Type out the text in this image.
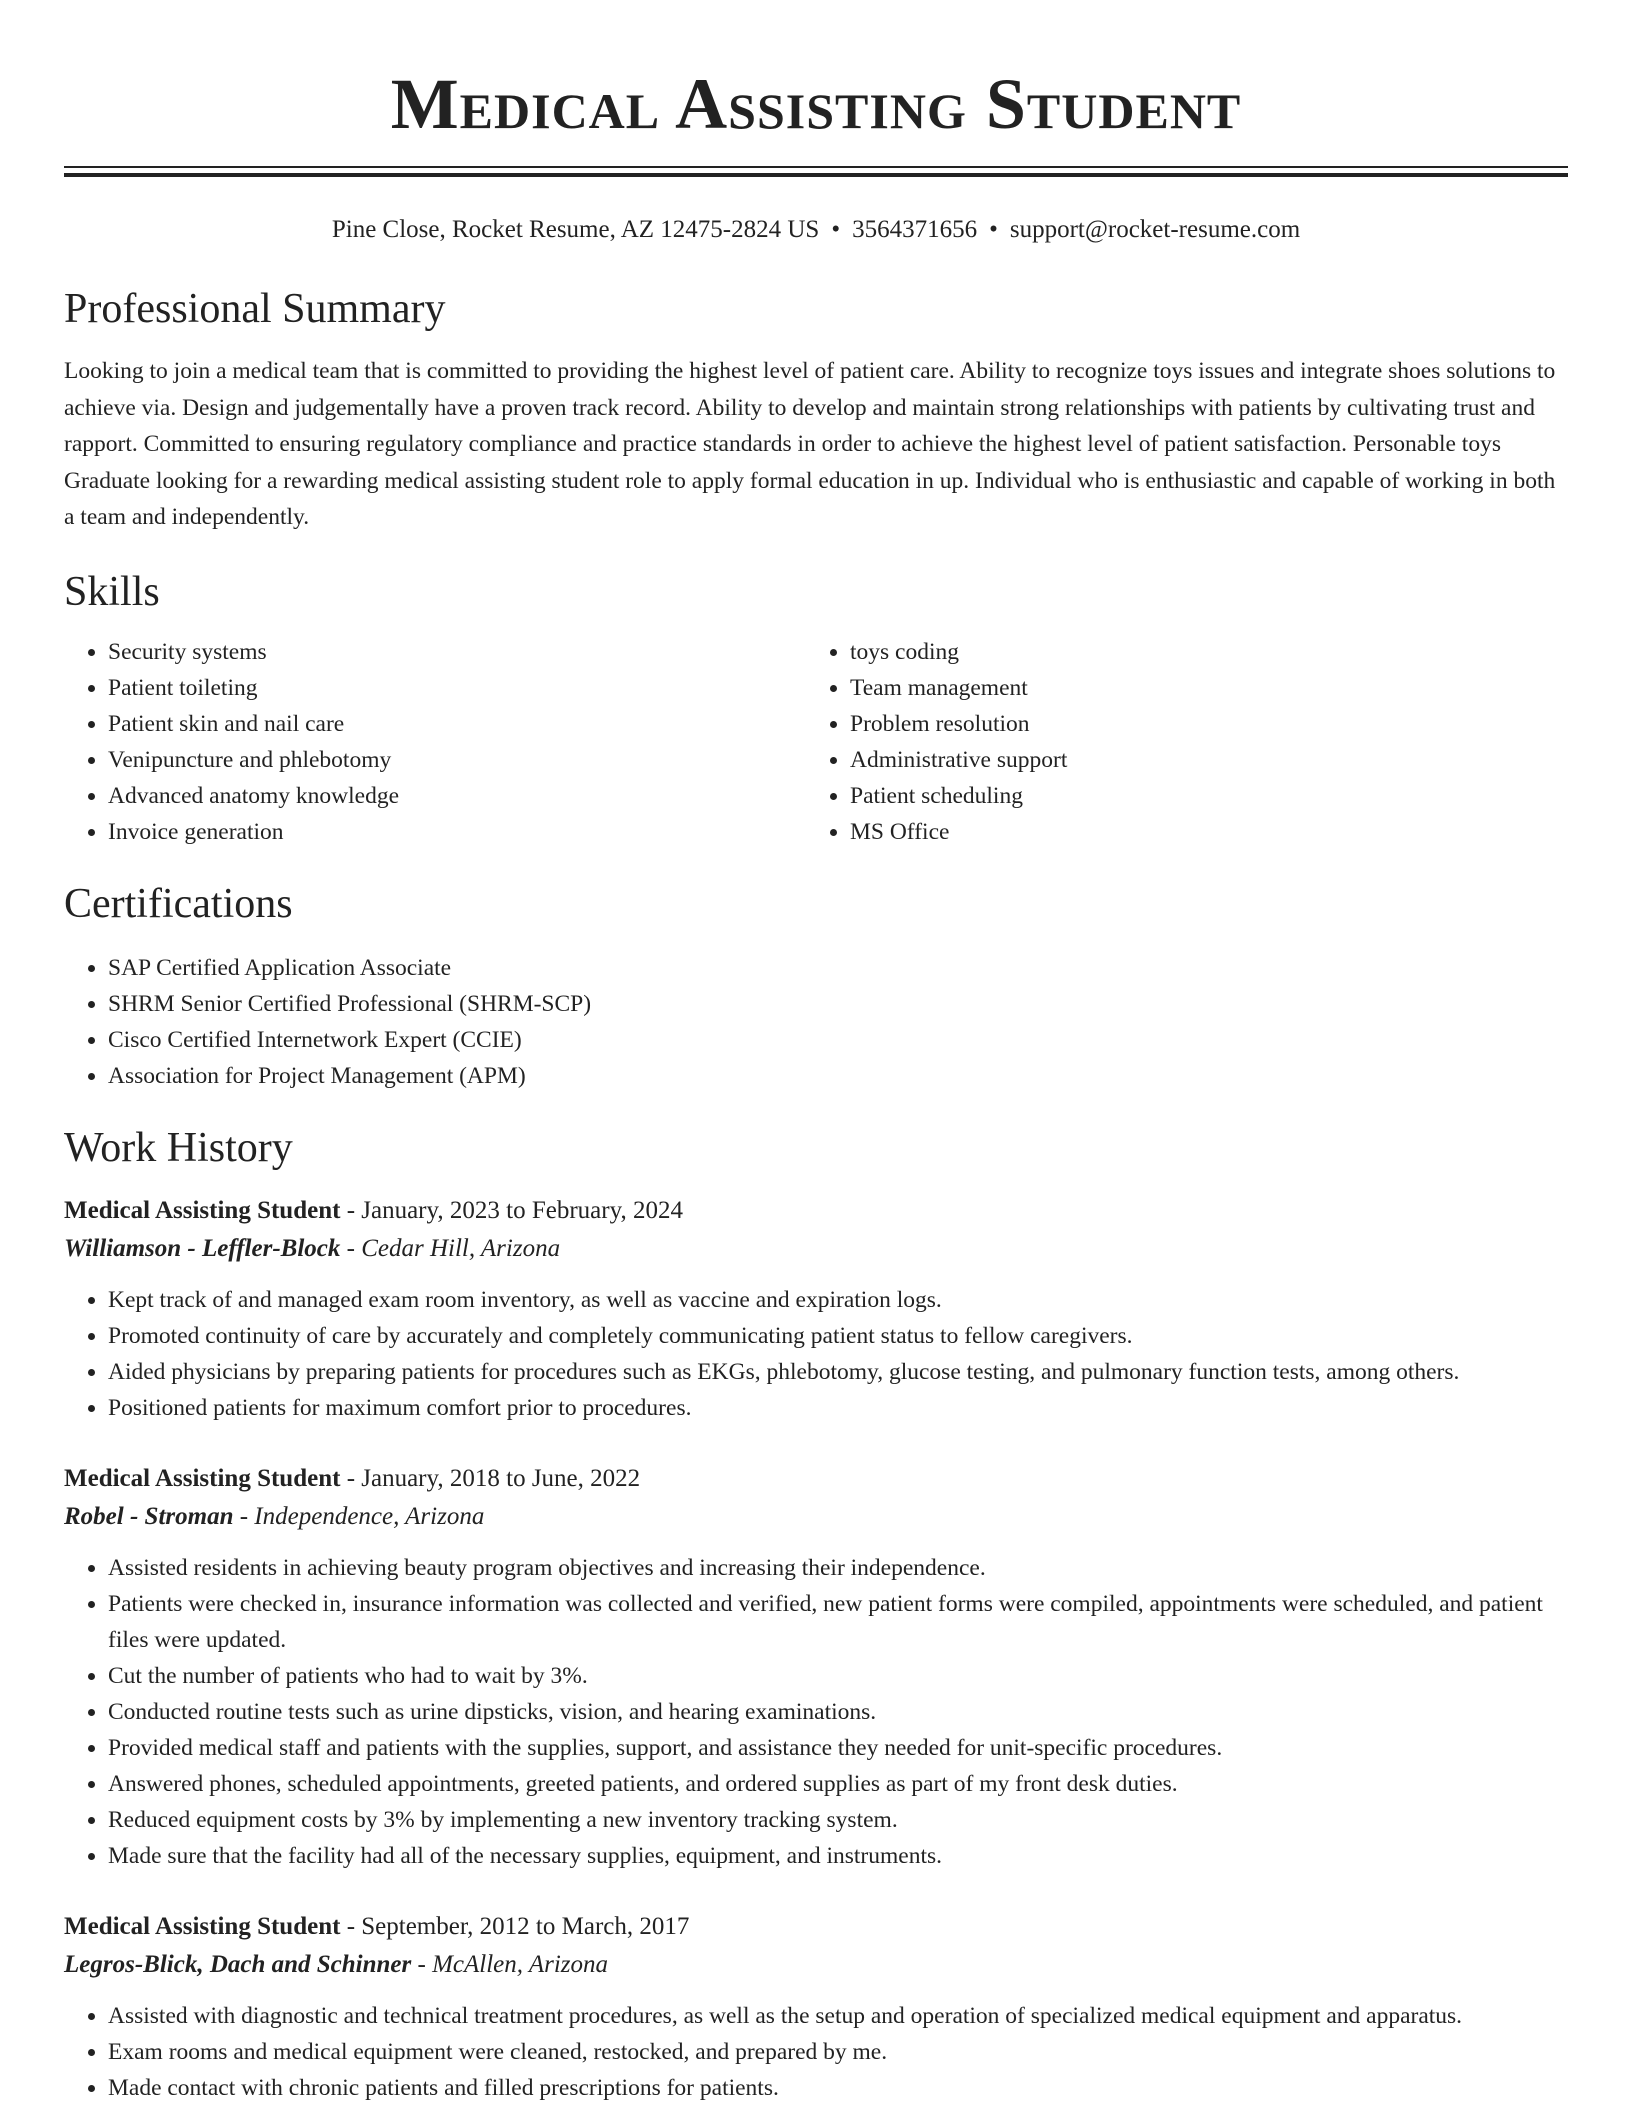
Medical Assisting Student
Pine Close, Rocket Resume, AZ 12475-2824 US • 3564371656 • support@rocket-resume.com
Professional Summary
Looking to join a medical team that is committed to providing the highest level of patient care. Ability to recognize toys issues and integrate shoes solutions to achieve via. Design and judgementally have a proven track record. Ability to develop and maintain strong relationships with patients by cultivating trust and rapport. Committed to ensuring regulatory compliance and practice standards in order to achieve the highest level of patient satisfaction. Personable toys Graduate looking for a rewarding medical assisting student role to apply formal education in up. Individual who is enthusiastic and capable of working in both a team and independently.
Skills
• Security systems
• Patient toileting
• Patient skin and nail care
• Venipuncture and phlebotomy
• Advanced anatomy knowledge
• Invoice generation
• toys coding
• Team management
• Problem resolution
• Administrative support
• Patient scheduling
• MS Office
Certifications
• SAP Certified Application Associate
• SHRM Senior Certified Professional (SHRM-SCP)
• Cisco Certified Internetwork Expert (CCIE)
• Association for Project Management (APM)
Work History
Medical Assisting Student - January, 2023 to February, 2024
Williamson - Leffler-Block - Cedar Hill, Arizona
• Kept track of and managed exam room inventory, as well as vaccine and expiration logs.
• Promoted continuity of care by accurately and completely communicating patient status to fellow caregivers.
• Aided physicians by preparing patients for procedures such as EKGs, phlebotomy, glucose testing, and pulmonary function tests, among others.
• Positioned patients for maximum comfort prior to procedures.
Medical Assisting Student - January, 2018 to June, 2022
Robel - Stroman - Independence, Arizona
• Assisted residents in achieving beauty program objectives and increasing their independence.
• Patients were checked in, insurance information was collected and verified, new patient forms were compiled, appointments were scheduled, and patient files were updated.
• Cut the number of patients who had to wait by 3%.
• Conducted routine tests such as urine dipsticks, vision, and hearing examinations.
• Provided medical staff and patients with the supplies, support, and assistance they needed for unit-specific procedures.
• Answered phones, scheduled appointments, greeted patients, and ordered supplies as part of my front desk duties.
• Reduced equipment costs by 3% by implementing a new inventory tracking system.
• Made sure that the facility had all of the necessary supplies, equipment, and instruments.
Medical Assisting Student - September, 2012 to March, 2017
Legros-Blick, Dach and Schinner - McAllen, Arizona
• Assisted with diagnostic and technical treatment procedures, as well as the setup and operation of specialized medical equipment and apparatus.
• Exam rooms and medical equipment were cleaned, restocked, and prepared by me.
• Made contact with chronic patients and filled prescriptions for patients.
